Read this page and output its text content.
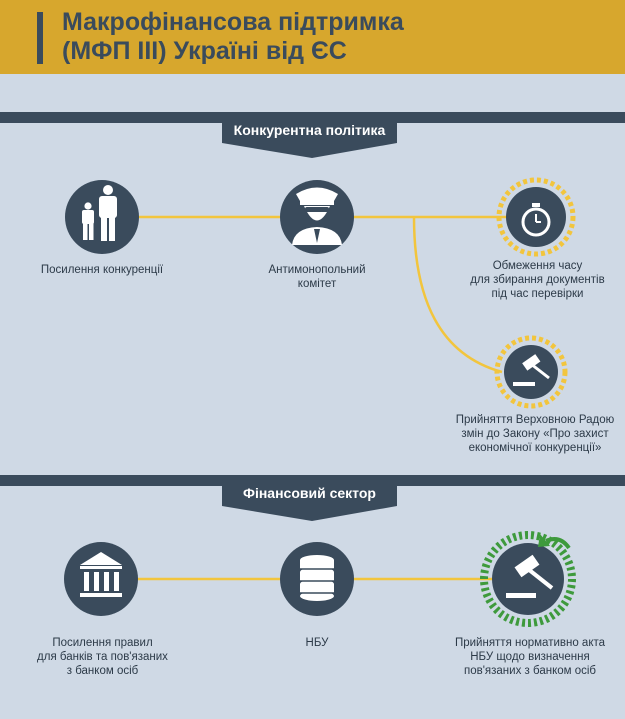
Макрофінансова підтримка
(МФП III) Україні від ЄС
Конкурентна політика
Фінансовий сектор
Посилення конкуренції	Антимонопольний
комітет
Обмеження часу
для збирання документів
під час перевірки
Прийняття Верховною Радою
змін до Закону «Про захист
економічної конкуренції»
Посилення правил
для банків та пов'язаних
з банком осіб
НБУ	Прийняття нормативно акта
НБУ щодо визначення
пов'язаних з банком осіб
